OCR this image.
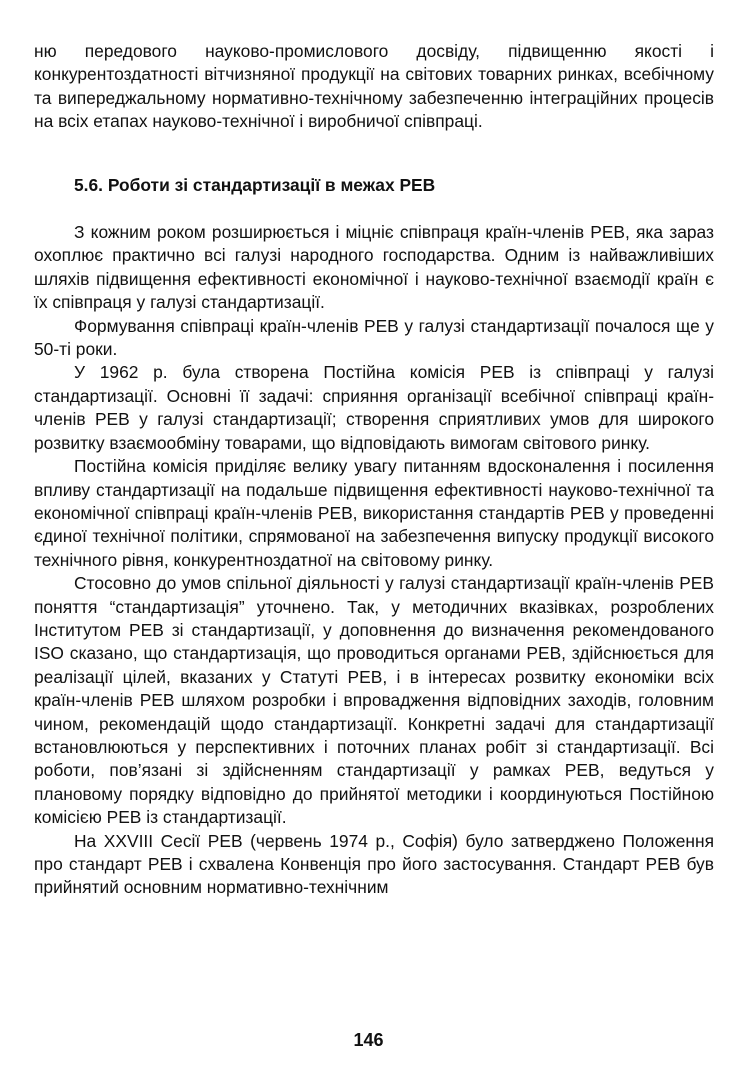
ню передового науково-промислового досвіду, підвищенню якості і конкурентоздатності вітчизняної продукції на світових товарних ринках, всебічному та випереджальному нормативно-технічному забезпеченню інтеграційних процесів на всіх етапах науково-технічної і виробничої співпраці.

5.6. Роботи зі стандартизації в межах РЕВ

З кожним роком розширюється і міцніє співпраця країн-членів РЕВ, яка зараз охоплює практично всі галузі народного господарства. Одним із найважливіших шляхів підвищення ефективності економічної і науково-технічної взаємодії країн є їх співпраця у галузі стандартизації.

Формування співпраці країн-членів РЕВ у галузі стандартизації почалося ще у 50-ті роки.

У 1962 р. була створена Постійна комісія РЕВ із співпраці у галузі стандартизації. Основні її задачі: сприяння організації всебічної співпраці країн-членів РЕВ у галузі стандартизації; створення сприятливих умов для широкого розвитку взаємообміну товарами, що відповідають вимогам світового ринку.

Постійна комісія приділяє велику увагу питанням вдосконалення і посилення впливу стандартизації на подальше підвищення ефективності науково-технічної та економічної співпраці країн-членів РЕВ, використання стандартів РЕВ у проведенні єдиної технічної політики, спрямованої на забезпечення випуску продукції високого технічного рівня, конкурентноздатної на світовому ринку.

Стосовно до умов спільної діяльності у галузі стандартизації країн-членів РЕВ поняття “стандартизація” уточнено. Так, у методичних вказівках, розроблених Інститутом РЕВ зі стандартизації, у доповнення до визначення рекомендованого ISO сказано, що стандартизація, що проводиться органами РЕВ, здійснюється для реалізації цілей, вказаних у Статуті РЕВ, і в інтересах розвитку економіки всіх країн-членів РЕВ шляхом розробки і впровадження відповідних заходів, головним чином, рекомендацій щодо стандартизації. Конкретні задачі для стандартизації встановлюються у перспективних і поточних планах робіт зі стандартизації. Всі роботи, пов’язані зі здійсненням стандартизації у рамках РЕВ, ведуться у плановому порядку відповідно до прийнятої методики і координуються Постійною комісією РЕВ із стандартизації.

На XXVIII Сесії РЕВ (червень 1974 р., Софія) було затверджено Положення про стандарт РЕВ і схвалена Конвенція про його застосування. Стандарт РЕВ був прийнятий основним нормативно-технічним

146
